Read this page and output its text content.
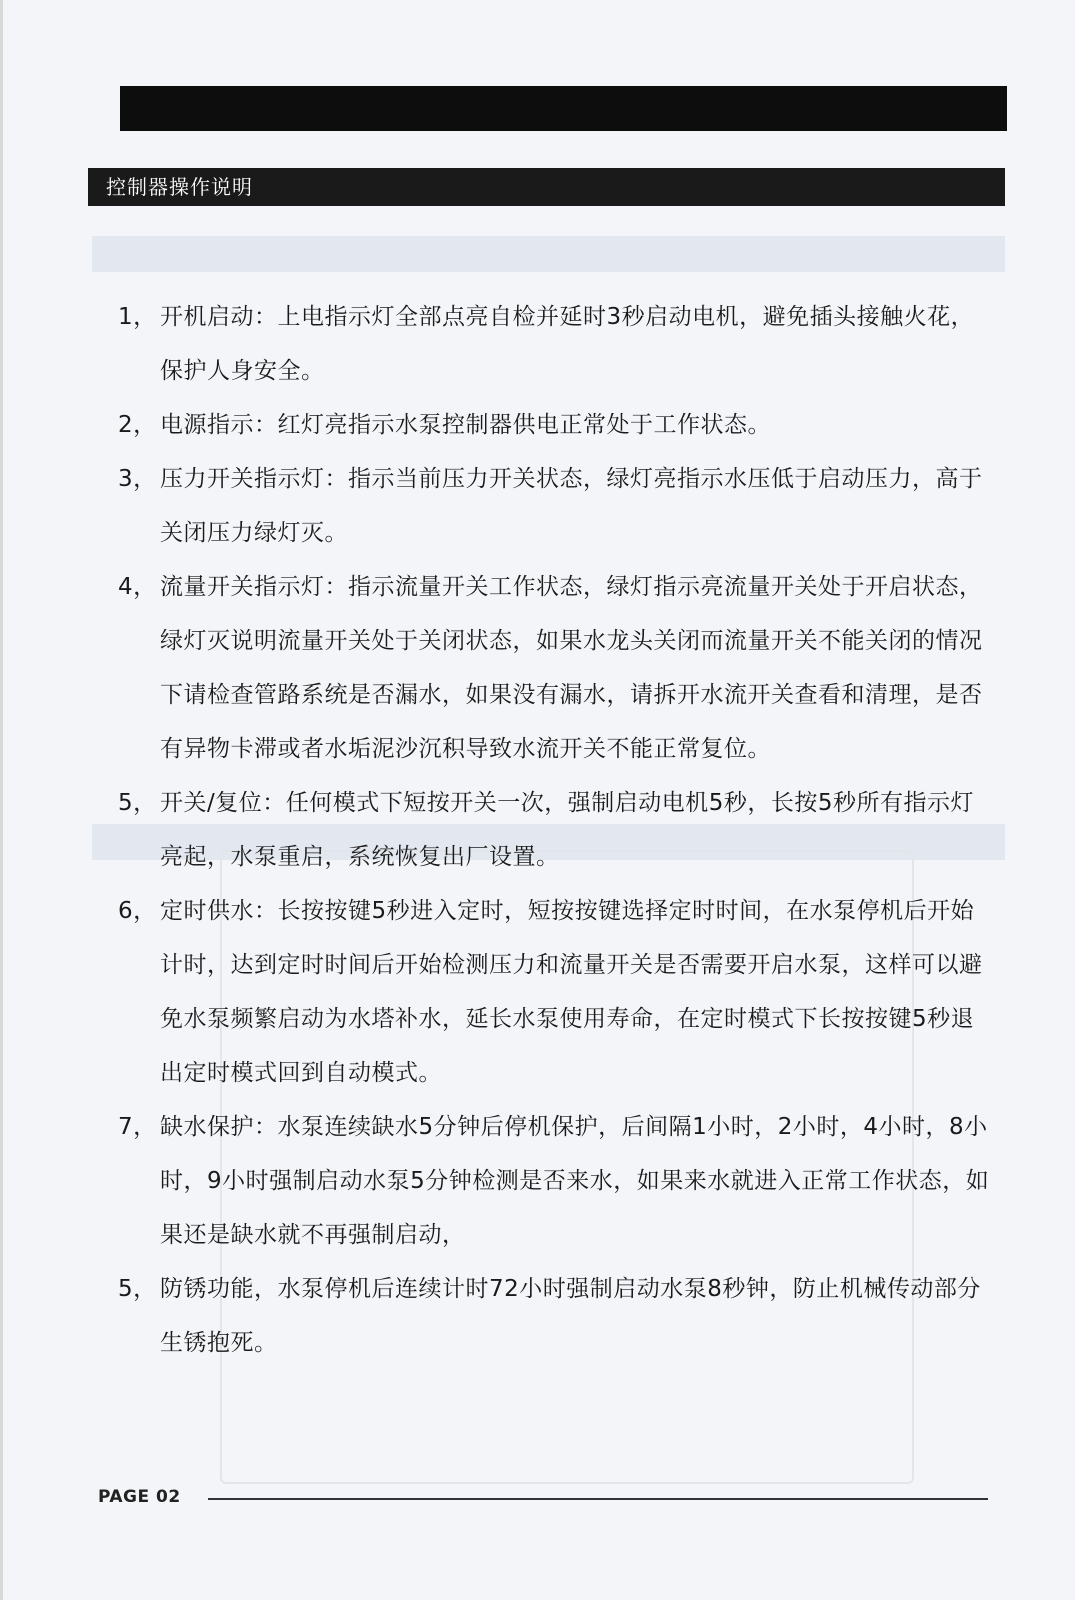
控制器操作说明
1， 开机启动：上电指示灯全部点亮自检并延时3秒启动电机，避免插头接触火花，保护人身安全。
2， 电源指示：红灯亮指示水泵控制器供电正常处于工作状态。
3， 压力开关指示灯：指示当前压力开关状态，绿灯亮指示水压低于启动压力，高于关闭压力绿灯灭。
4， 流量开关指示灯：指示流量开关工作状态，绿灯指示亮流量开关处于开启状态，绿灯灭说明流量开关处于关闭状态，如果水龙头关闭而流量开关不能关闭的情况下请检查管路系统是否漏水，如果没有漏水，请拆开水流开关查看和清理，是否有异物卡滞或者水垢泥沙沉积导致水流开关不能正常复位。
5， 开关/复位：任何模式下短按开关一次，强制启动电机5秒，长按5秒所有指示灯亮起，水泵重启，系统恢复出厂设置。
6， 定时供水：长按按键5秒进入定时，短按按键选择定时时间，在水泵停机后开始计时，达到定时时间后开始检测压力和流量开关是否需要开启水泵，这样可以避免水泵频繁启动为水塔补水，延长水泵使用寿命，在定时模式下长按按键5秒退出定时模式回到自动模式。
7， 缺水保护：水泵连续缺水5分钟后停机保护，后间隔1小时，2小时，4小时，8小时，9小时强制启动水泵5分钟检测是否来水，如果来水就进入正常工作状态，如果还是缺水就不再强制启动，
5， 防锈功能，水泵停机后连续计时72小时强制启动水泵8秒钟，防止机械传动部分生锈抱死。
PAGE 02
